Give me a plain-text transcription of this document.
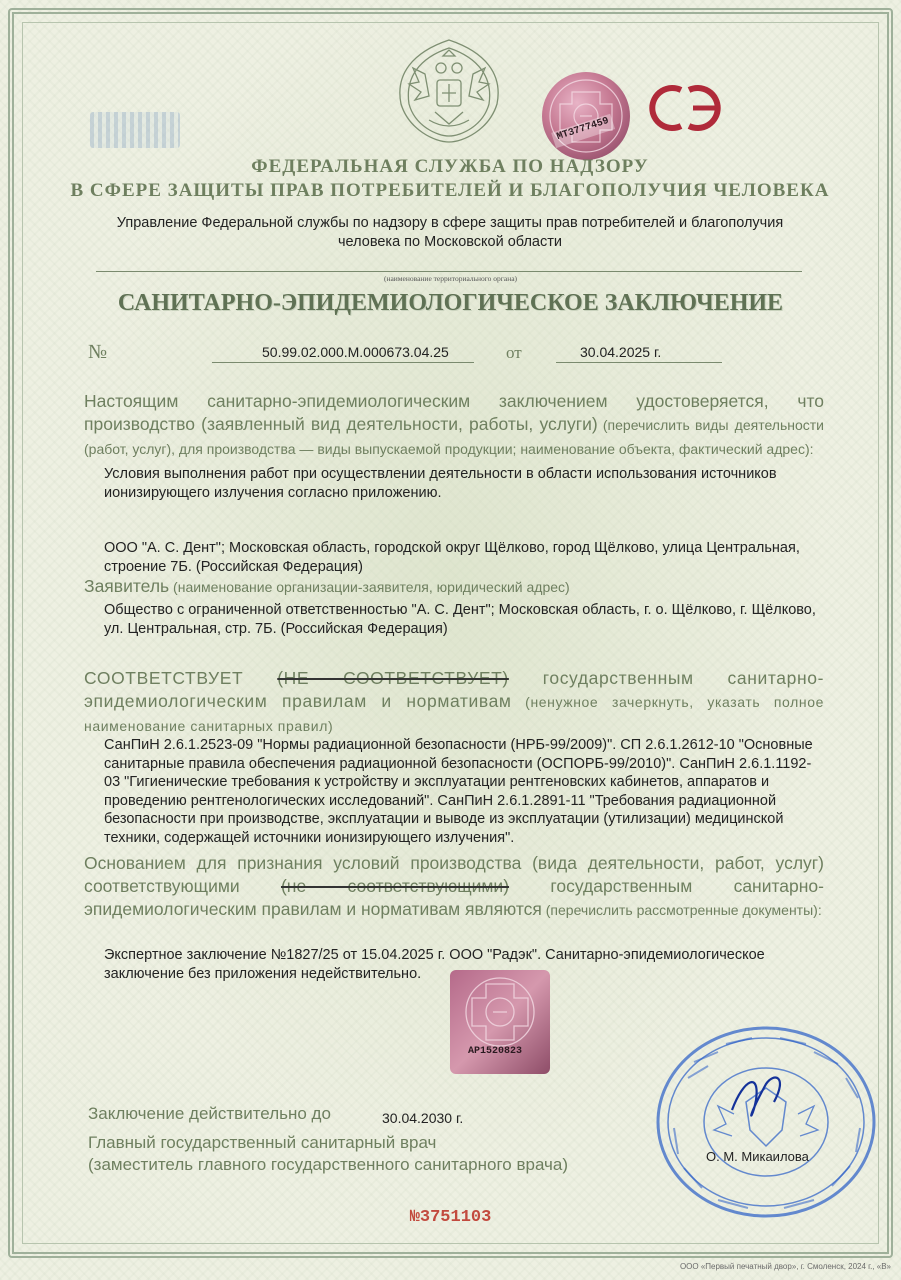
МТ3777459
ФЕДЕРАЛЬНАЯ СЛУЖБА ПО НАДЗОРУ
В СФЕРЕ ЗАЩИТЫ ПРАВ ПОТРЕБИТЕЛЕЙ И БЛАГОПОЛУЧИЯ ЧЕЛОВЕКА
Управление Федеральной службы по надзору в сфере защиты прав потребителей и благополучия
человека по Московской области
(наименование территориального органа)
САНИТАРНО-ЭПИДЕМИОЛОГИЧЕСКОЕ ЗАКЛЮЧЕНИЕ
№	50.99.02.000.М.000673.04.25	от	30.04.2025 г.
Настоящим санитарно-эпидемиологическим заключением удостоверяется, что производство (заявленный вид деятельности, работы, услуги) (перечислить виды деятельности (работ, услуг), для производства — виды выпускаемой продукции; наименование объекта, фактический адрес):
Условия выполнения работ при осуществлении деятельности в области использования источников ионизирующего излучения согласно приложению.
ООО "А. С. Дент"; Московская область, городской округ Щёлково, город Щёлково, улица Центральная, строение 7Б. (Российская Федерация)
Заявитель (наименование организации-заявителя, юридический адрес)
Общество с ограниченной ответственностью "А. С. Дент"; Московская область, г. о. Щёлково, г. Щёлково, ул. Центральная, стр. 7Б. (Российская Федерация)
СООТВЕТСТВУЕТ (НЕ СООТВЕТСТВУЕТ) государственным санитарно-эпидемиологическим правилам и нормативам (ненужное зачеркнуть, указать полное наименование санитарных правил)
СанПиН 2.6.1.2523-09 "Нормы радиационной безопасности (НРБ-99/2009)". СП 2.6.1.2612-10 "Основные санитарные правила обеспечения радиационной безопасности (ОСПОРБ-99/2010)". СанПиН 2.6.1.1192-03 "Гигиенические требования к устройству и эксплуатации рентгеновских кабинетов, аппаратов и проведению рентгенологических исследований". СанПиН 2.6.1.2891-11 "Требования радиационной безопасности при производстве, эксплуатации и выводе из эксплуатации (утилизации) медицинской техники, содержащей источники ионизирующего излучения".
Основанием для признания условий производства (вида деятельности, работ, услуг) соответствующими (не соответствующими) государственным санитарно-эпидемиологическим правилам и нормативам являются (перечислить рассмотренные документы):
Экспертное заключение №1827/25 от 15.04.2025 г. ООО "Радэк". Санитарно-эпидемиологическое заключение без приложения недействительно.
АР1520823
Заключение действительно до	30.04.2030 г.
Главный государственный санитарный врач
(заместитель главного государственного санитарного врача)	О. М. Микаилова
№3751103
ООО «Первый печатный двор», г. Смоленск, 2024 г., «В»
